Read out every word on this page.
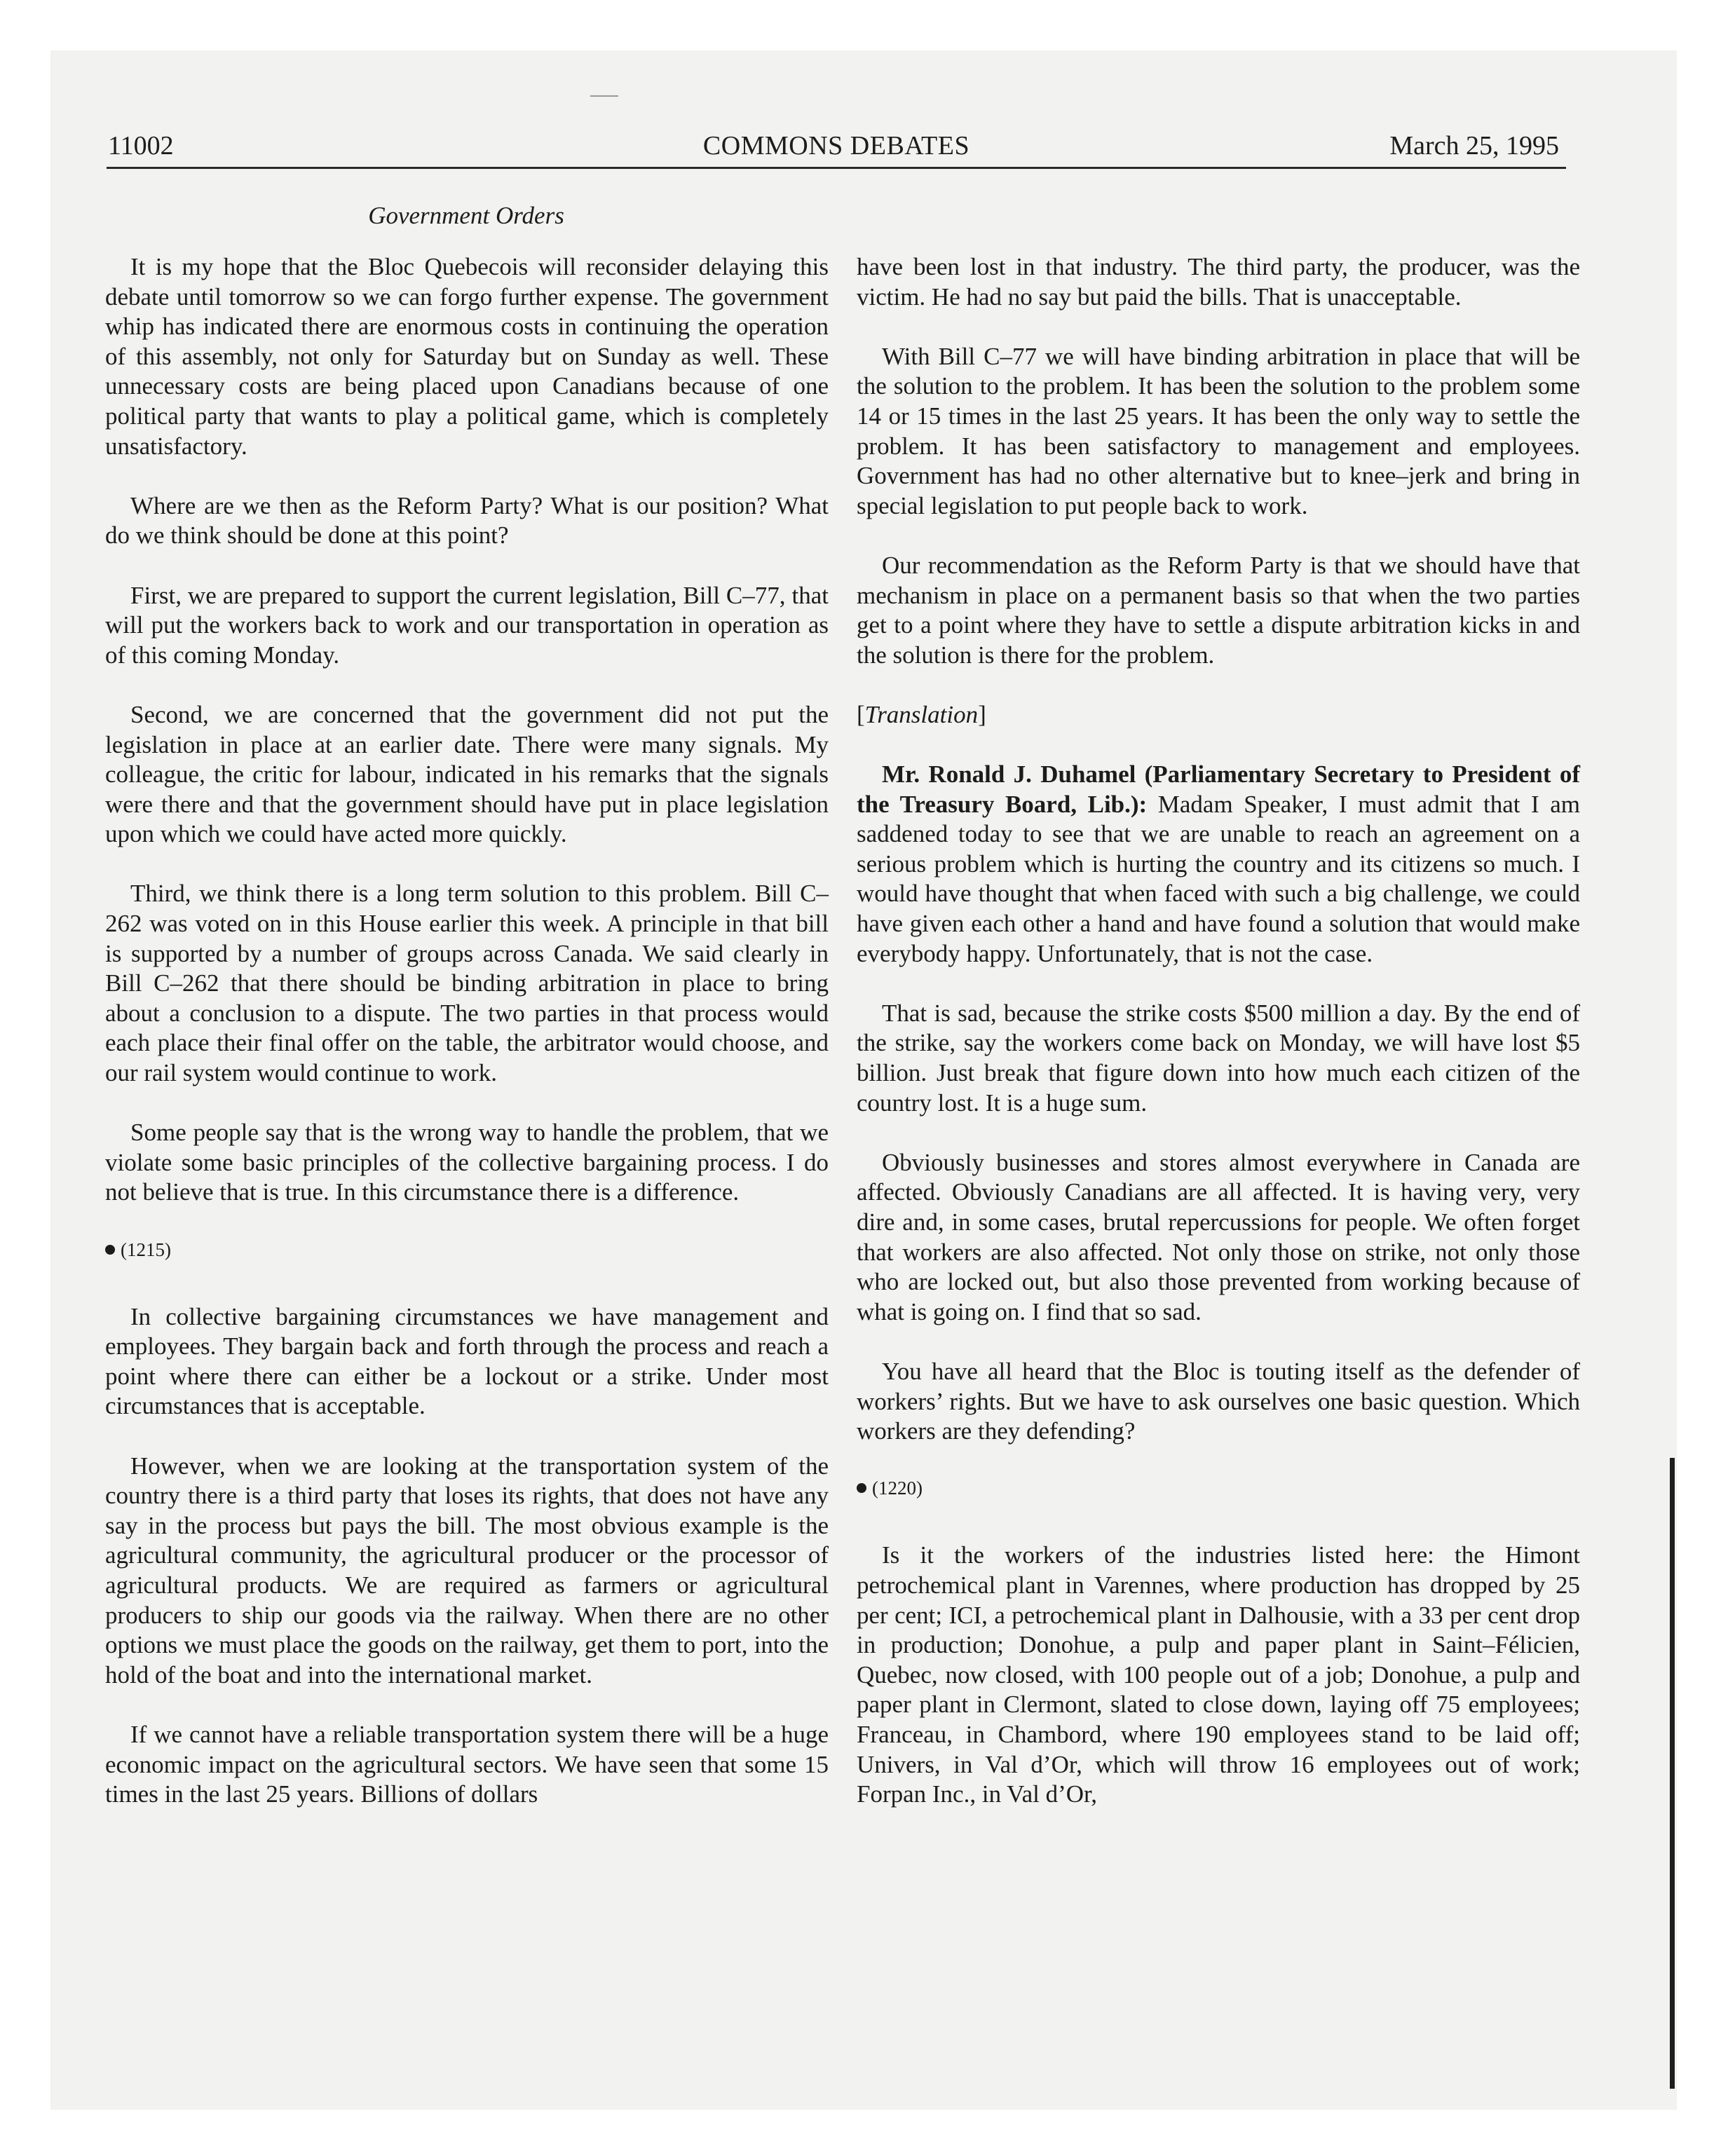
11002	COMMONS DEBATES	March 25, 1995
Government Orders

It is my hope that the Bloc Quebecois will reconsider delaying this debate until tomorrow so we can forgo further expense. The government whip has indicated there are enormous costs in continuing the operation of this assembly, not only for Saturday but on Sunday as well. These unnecessary costs are being placed upon Canadians because of one political party that wants to play a political game, which is completely unsatisfactory.

Where are we then as the Reform Party? What is our position? What do we think should be done at this point?

First, we are prepared to support the current legislation, Bill C–77, that will put the workers back to work and our transportation in operation as of this coming Monday.

Second, we are concerned that the government did not put the legislation in place at an earlier date. There were many signals. My colleague, the critic for labour, indicated in his remarks that the signals were there and that the government should have put in place legislation upon which we could have acted more quickly.

Third, we think there is a long term solution to this problem. Bill C–262 was voted on in this House earlier this week. A principle in that bill is supported by a number of groups across Canada. We said clearly in Bill C–262 that there should be binding arbitration in place to bring about a conclusion to a dispute. The two parties in that process would each place their final offer on the table, the arbitrator would choose, and our rail system would continue to work.

Some people say that is the wrong way to handle the problem, that we violate some basic principles of the collective bargaining process. I do not believe that is true. In this circumstance there is a difference.

(1215)

In collective bargaining circumstances we have management and employees. They bargain back and forth through the process and reach a point where there can either be a lockout or a strike. Under most circumstances that is acceptable.

However, when we are looking at the transportation system of the country there is a third party that loses its rights, that does not have any say in the process but pays the bill. The most obvious example is the agricultural community, the agricultural producer or the processor of agricultural products. We are required as farmers or agricultural producers to ship our goods via the railway. When there are no other options we must place the goods on the railway, get them to port, into the hold of the boat and into the international market.

If we cannot have a reliable transportation system there will be a huge economic impact on the agricultural sectors. We have seen that some 15 times in the last 25 years. Billions of dollars

have been lost in that industry. The third party, the producer, was the victim. He had no say but paid the bills. That is unacceptable.

With Bill C–77 we will have binding arbitration in place that will be the solution to the problem. It has been the solution to the problem some 14 or 15 times in the last 25 years. It has been the only way to settle the problem. It has been satisfactory to management and employees. Government has had no other alternative but to knee–jerk and bring in special legislation to put people back to work.

Our recommendation as the Reform Party is that we should have that mechanism in place on a permanent basis so that when the two parties get to a point where they have to settle a dispute arbitration kicks in and the solution is there for the problem.

[Translation]

Mr. Ronald J. Duhamel (Parliamentary Secretary to President of the Treasury Board, Lib.): Madam Speaker, I must admit that I am saddened today to see that we are unable to reach an agreement on a serious problem which is hurting the country and its citizens so much. I would have thought that when faced with such a big challenge, we could have given each other a hand and have found a solution that would make everybody happy. Unfortunately, that is not the case.

That is sad, because the strike costs $500 million a day. By the end of the strike, say the workers come back on Monday, we will have lost $5 billion. Just break that figure down into how much each citizen of the country lost. It is a huge sum.

Obviously businesses and stores almost everywhere in Canada are affected. Obviously Canadians are all affected. It is having very, very dire and, in some cases, brutal repercussions for people. We often forget that workers are also affected. Not only those on strike, not only those who are locked out, but also those prevented from working because of what is going on. I find that so sad.

You have all heard that the Bloc is touting itself as the defender of workers’ rights. But we have to ask ourselves one basic question. Which workers are they defending?

(1220)

Is it the workers of the industries listed here: the Himont petrochemical plant in Varennes, where production has dropped by 25 per cent; ICI, a petrochemical plant in Dalhousie, with a 33 per cent drop in production; Donohue, a pulp and paper plant in Saint–Félicien, Quebec, now closed, with 100 people out of a job; Donohue, a pulp and paper plant in Clermont, slated to close down, laying off 75 employees; Franceau, in Chambord, where 190 employees stand to be laid off; Univers, in Val d’Or, which will throw 16 employees out of work; Forpan Inc., in Val d’Or,
